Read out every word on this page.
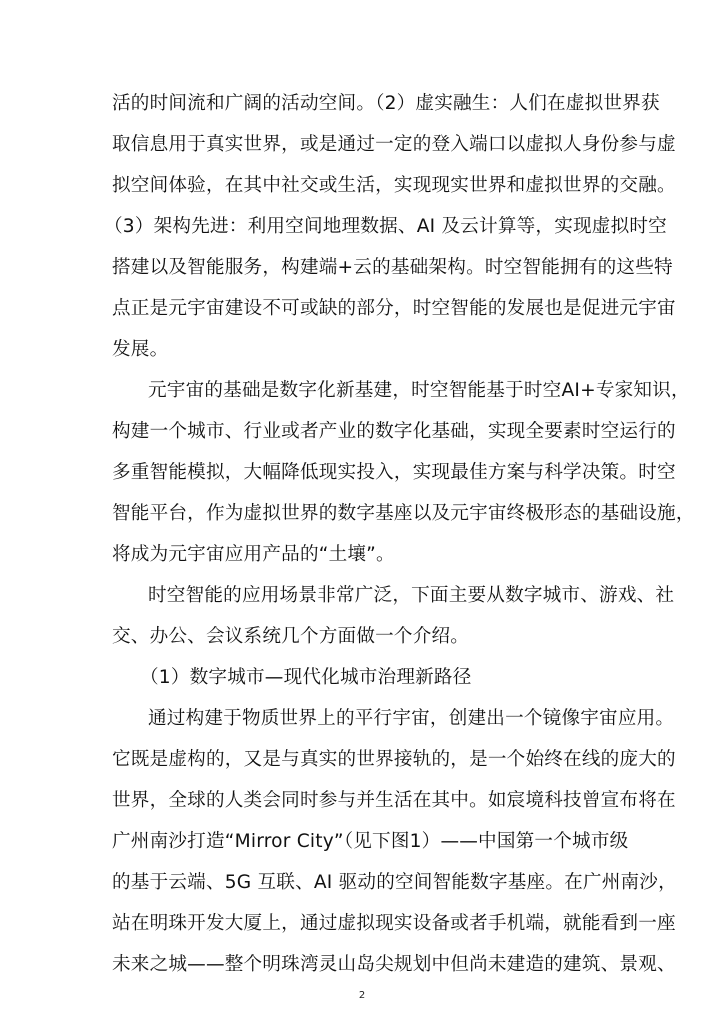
活的时间流和广阔的活动空间。（2）虚实融生：人们在虚拟世界获
取信息用于真实世界，或是通过一定的登入端口以虚拟人身份参与虚
拟空间体验，在其中社交或生活，实现现实世界和虚拟世界的交融。
（3）架构先进：利用空间地理数据、AI 及云计算等，实现虚拟时空
搭建以及智能服务，构建端+云的基础架构。时空智能拥有的这些特
点正是元宇宙建设不可或缺的部分，时空智能的发展也是促进元宇宙
发展。
元宇宙的基础是数字化新基建，时空智能基于时空AI+专家知识，
构建一个城市、行业或者产业的数字化基础，实现全要素时空运行的
多重智能模拟，大幅降低现实投入，实现最佳方案与科学决策。时空
智能平台，作为虚拟世界的数字基座以及元宇宙终极形态的基础设施，
将成为元宇宙应用产品的“土壤”。
时空智能的应用场景非常广泛，下面主要从数字城市、游戏、社
交、办公、会议系统几个方面做一个介绍。
（1）数字城市—现代化城市治理新路径
通过构建于物质世界上的平行宇宙，创建出一个镜像宇宙应用。
它既是虚构的，又是与真实的世界接轨的，是一个始终在线的庞大的
世界，全球的人类会同时参与并生活在其中。如宸境科技曾宣布将在
广州南沙打造“Mirror City”（见下图1）——中国第一个城市级
的基于云端、5G 互联、AI 驱动的空间智能数字基座。在广州南沙，
站在明珠开发大厦上，通过虚拟现实设备或者手机端，就能看到一座
未来之城——整个明珠湾灵山岛尖规划中但尚未建造的建筑、景观、
2
